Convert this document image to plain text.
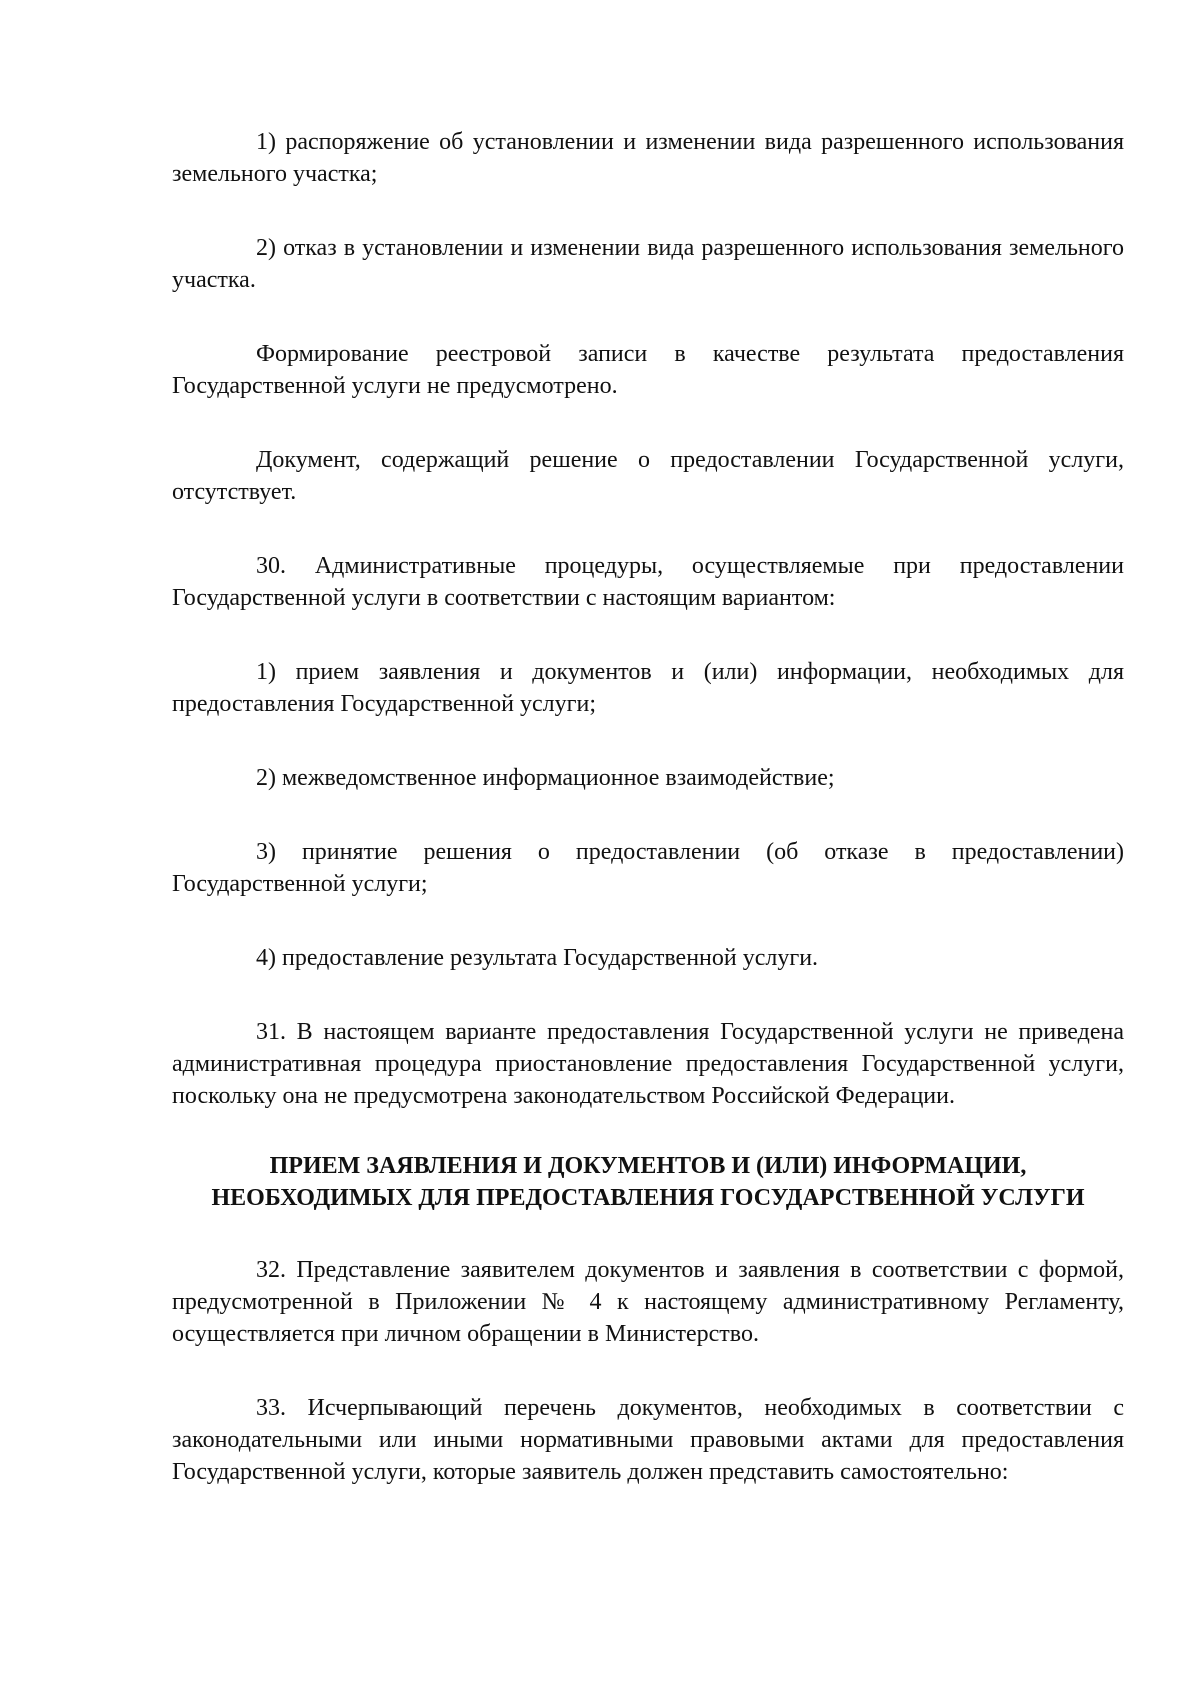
1) распоряжение об установлении и изменении вида разрешенного использования земельного участка;

2) отказ в установлении и изменении вида разрешенного использования земельного участка.

Формирование реестровой записи в качестве результата предоставления Государственной услуги не предусмотрено.

Документ, содержащий решение о предоставлении Государственной услуги, отсутствует.

30. Административные процедуры, осуществляемые при предоставлении Государственной услуги в соответствии с настоящим вариантом:

1) прием заявления и документов и (или) информации, необходимых для предоставления Государственной услуги;

2) межведомственное информационное взаимодействие;

3) принятие решения о предоставлении (об отказе в предоставлении) Государственной услуги;

4) предоставление результата Государственной услуги.

31. В настоящем варианте предоставления Государственной услуги не приведена административная процедура приостановление предоставления Государственной услуги, поскольку она не предусмотрена законодательством Российской Федерации.

ПРИЕМ ЗАЯВЛЕНИЯ И ДОКУМЕНТОВ И (ИЛИ) ИНФОРМАЦИИ,
НЕОБХОДИМЫХ ДЛЯ ПРЕДОСТАВЛЕНИЯ ГОСУДАРСТВЕННОЙ УСЛУГИ

32. Представление заявителем документов и заявления в соответствии с формой, предусмотренной в Приложении № 4 к настоящему административному Регламенту, осуществляется при личном обращении в Министерство.

33. Исчерпывающий перечень документов, необходимых в соответствии с законодательными или иными нормативными правовыми актами для предоставления Государственной услуги, которые заявитель должен представить самостоятельно:
